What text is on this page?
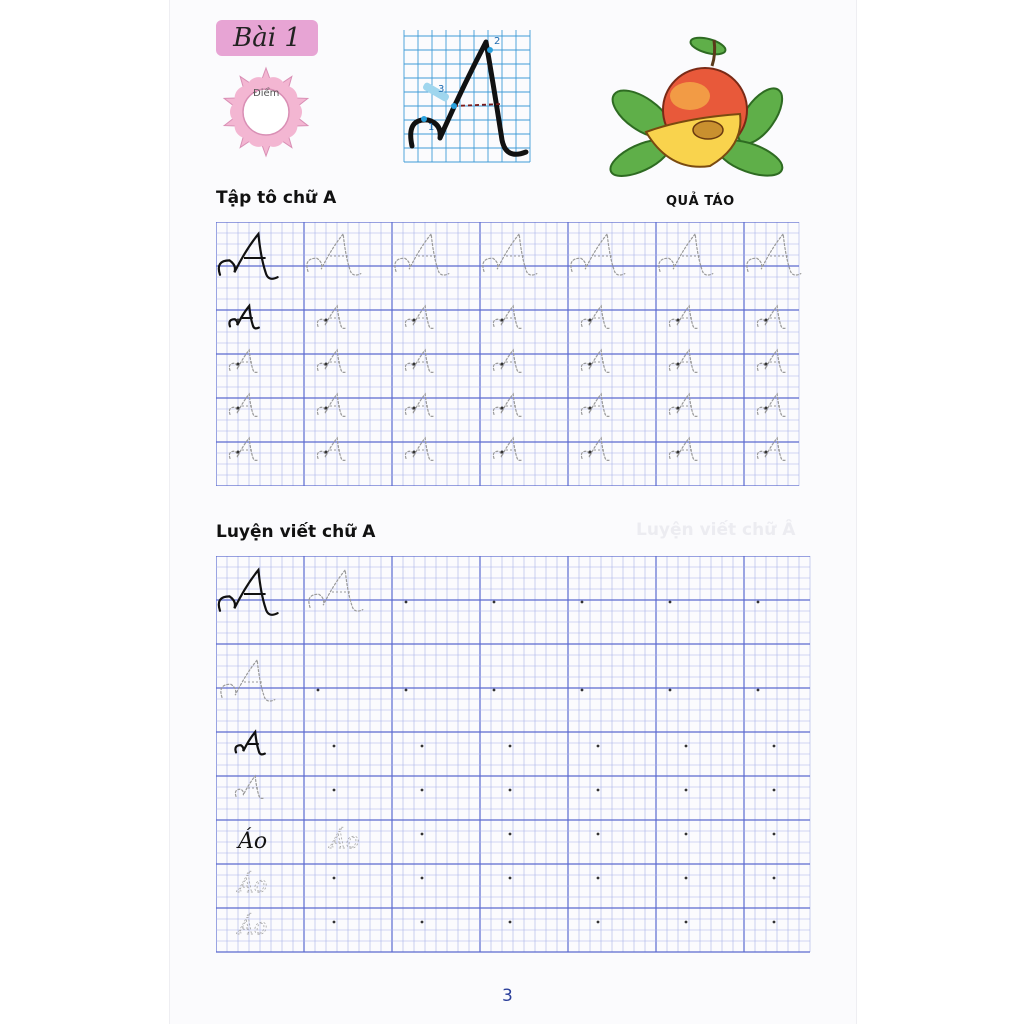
Luyện viết chữ Â
Bài 1
Điểm
1
2
3
Tập tô chữ A	QUẢ TÁO
Luyện viết chữ A
Áo	Áo
Áo
Áo
3
